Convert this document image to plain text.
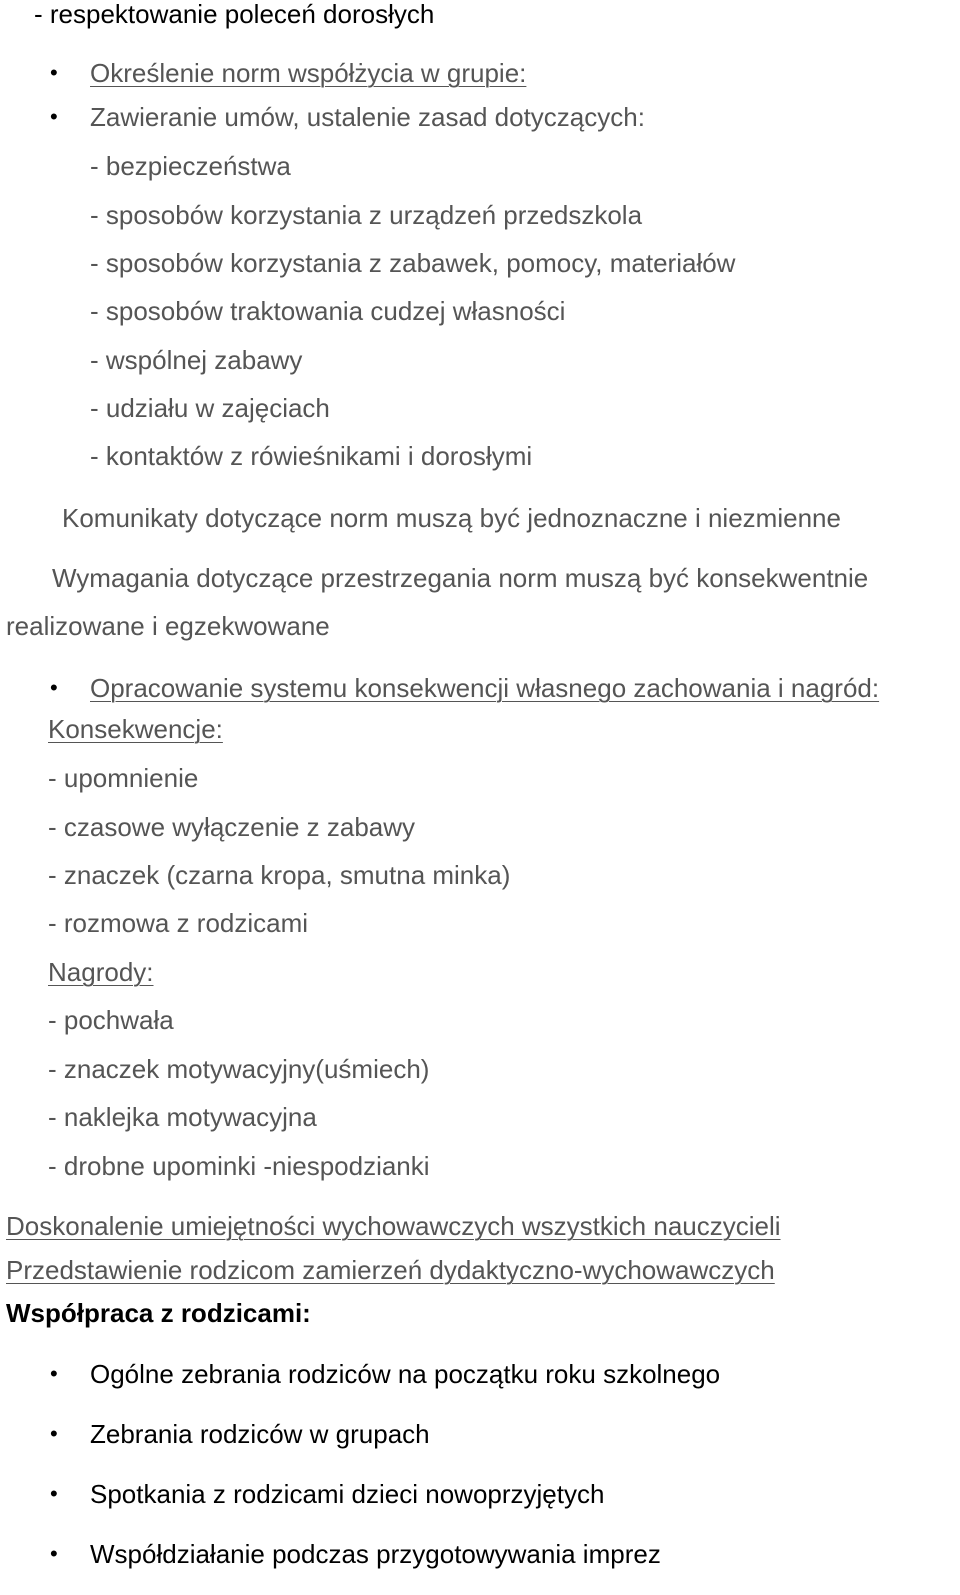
- respektowanie poleceń dorosłych
• Określenie norm współżycia w grupie:
• Zawieranie umów, ustalenie zasad dotyczących:
- bezpieczeństwa
- sposobów korzystania z urządzeń przedszkola
- sposobów korzystania z zabawek, pomocy, materiałów
- sposobów traktowania cudzej własności
- wspólnej zabawy
- udziału w zajęciach
- kontaktów z rówieśnikami i dorosłymi
Komunikaty dotyczące norm muszą być jednoznaczne i niezmienne
Wymagania dotyczące przestrzegania norm muszą być konsekwentnie
realizowane i egzekwowane
• Opracowanie systemu konsekwencji własnego zachowania i nagród:
Konsekwencje:
- upomnienie
- czasowe wyłączenie z zabawy
- znaczek (czarna kropa, smutna minka)
- rozmowa z rodzicami
Nagrody:
- pochwała
- znaczek motywacyjny(uśmiech)
- naklejka motywacyjna
- drobne upominki -niespodzianki
Doskonalenie umiejętności wychowawczych wszystkich nauczycieli
Przedstawienie rodzicom zamierzeń dydaktyczno-wychowawczych
Współpraca z rodzicami:
• Ogólne zebrania rodziców na początku roku szkolnego
• Zebrania rodziców w grupach
• Spotkania z rodzicami dzieci nowoprzyjętych
• Współdziałanie podczas przygotowywania imprez
